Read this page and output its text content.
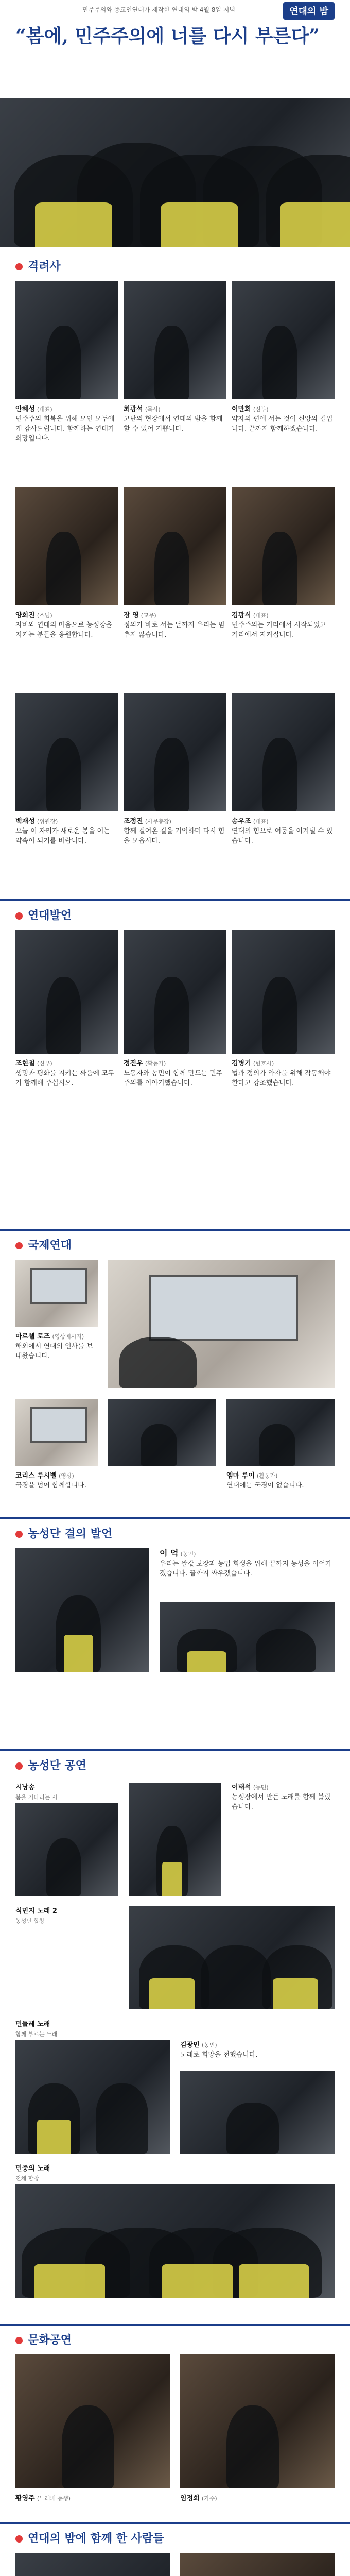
민주주의와 종교인연대가 제작한 연대의 밤 4월 8일 저녁	연대의 밤
“봄에, 민주주의에 너를 다시 부른다”
격려사
안혜성 (대표)
민주주의 회복을 위해 모인 모두에게 감사드립니다. 함께하는 연대가 희망입니다.
최광석 (목사)
고난의 현장에서 연대의 밤을 함께할 수 있어 기쁩니다.
이만희 (신부)
약자의 편에 서는 것이 신앙의 길입니다. 끝까지 함께하겠습니다.
양희진 (스님)
자비와 연대의 마음으로 농성장을 지키는 분들을 응원합니다.
장 영 (교무)
정의가 바로 서는 날까지 우리는 멈추지 않습니다.
김광식 (대표)
민주주의는 거리에서 시작되었고 거리에서 지켜집니다.
백재성 (위원장)
오늘 이 자리가 새로운 봄을 여는 약속이 되기를 바랍니다.
조정진 (사무총장)
함께 걸어온 길을 기억하며 다시 힘을 모읍시다.
송우조 (대표)
연대의 힘으로 어둠을 이겨낼 수 있습니다.
연대발언
조현철 (신부)
생명과 평화를 지키는 싸움에 모두가 함께해 주십시오.
정진우 (활동가)
노동자와 농민이 함께 만드는 민주주의를 이야기했습니다.
김병기 (변호사)
법과 정의가 약자를 위해 작동해야 한다고 강조했습니다.
국제연대
마르첼 로즈 (영상메시지)
해외에서 연대의 인사를 보내왔습니다.
코리스 루시벨 (영상)
국경을 넘어 함께합니다.
엠마 루이 (활동가)
연대에는 국경이 없습니다.
농성단 결의 발언
이 억 (농민)
우리는 쌀값 보장과 농업 회생을 위해 끝까지 농성을 이어가겠습니다. 끝까지 싸우겠습니다.
농성단 공연
시낭송
봄을 기다리는 시
식민지 노래 2
농성단 합창
이태석 (농민)
농성장에서 만든 노래를 함께 불렀습니다.
민들레 노래
함께 부르는 노래
김광민 (농민)
노래로 희망을 전했습니다.
민중의 노래
전체 합창
문화공연
황영주 (노래패 동행)	임정희 (가수)
연대의 밤에 함께 한 사람들
